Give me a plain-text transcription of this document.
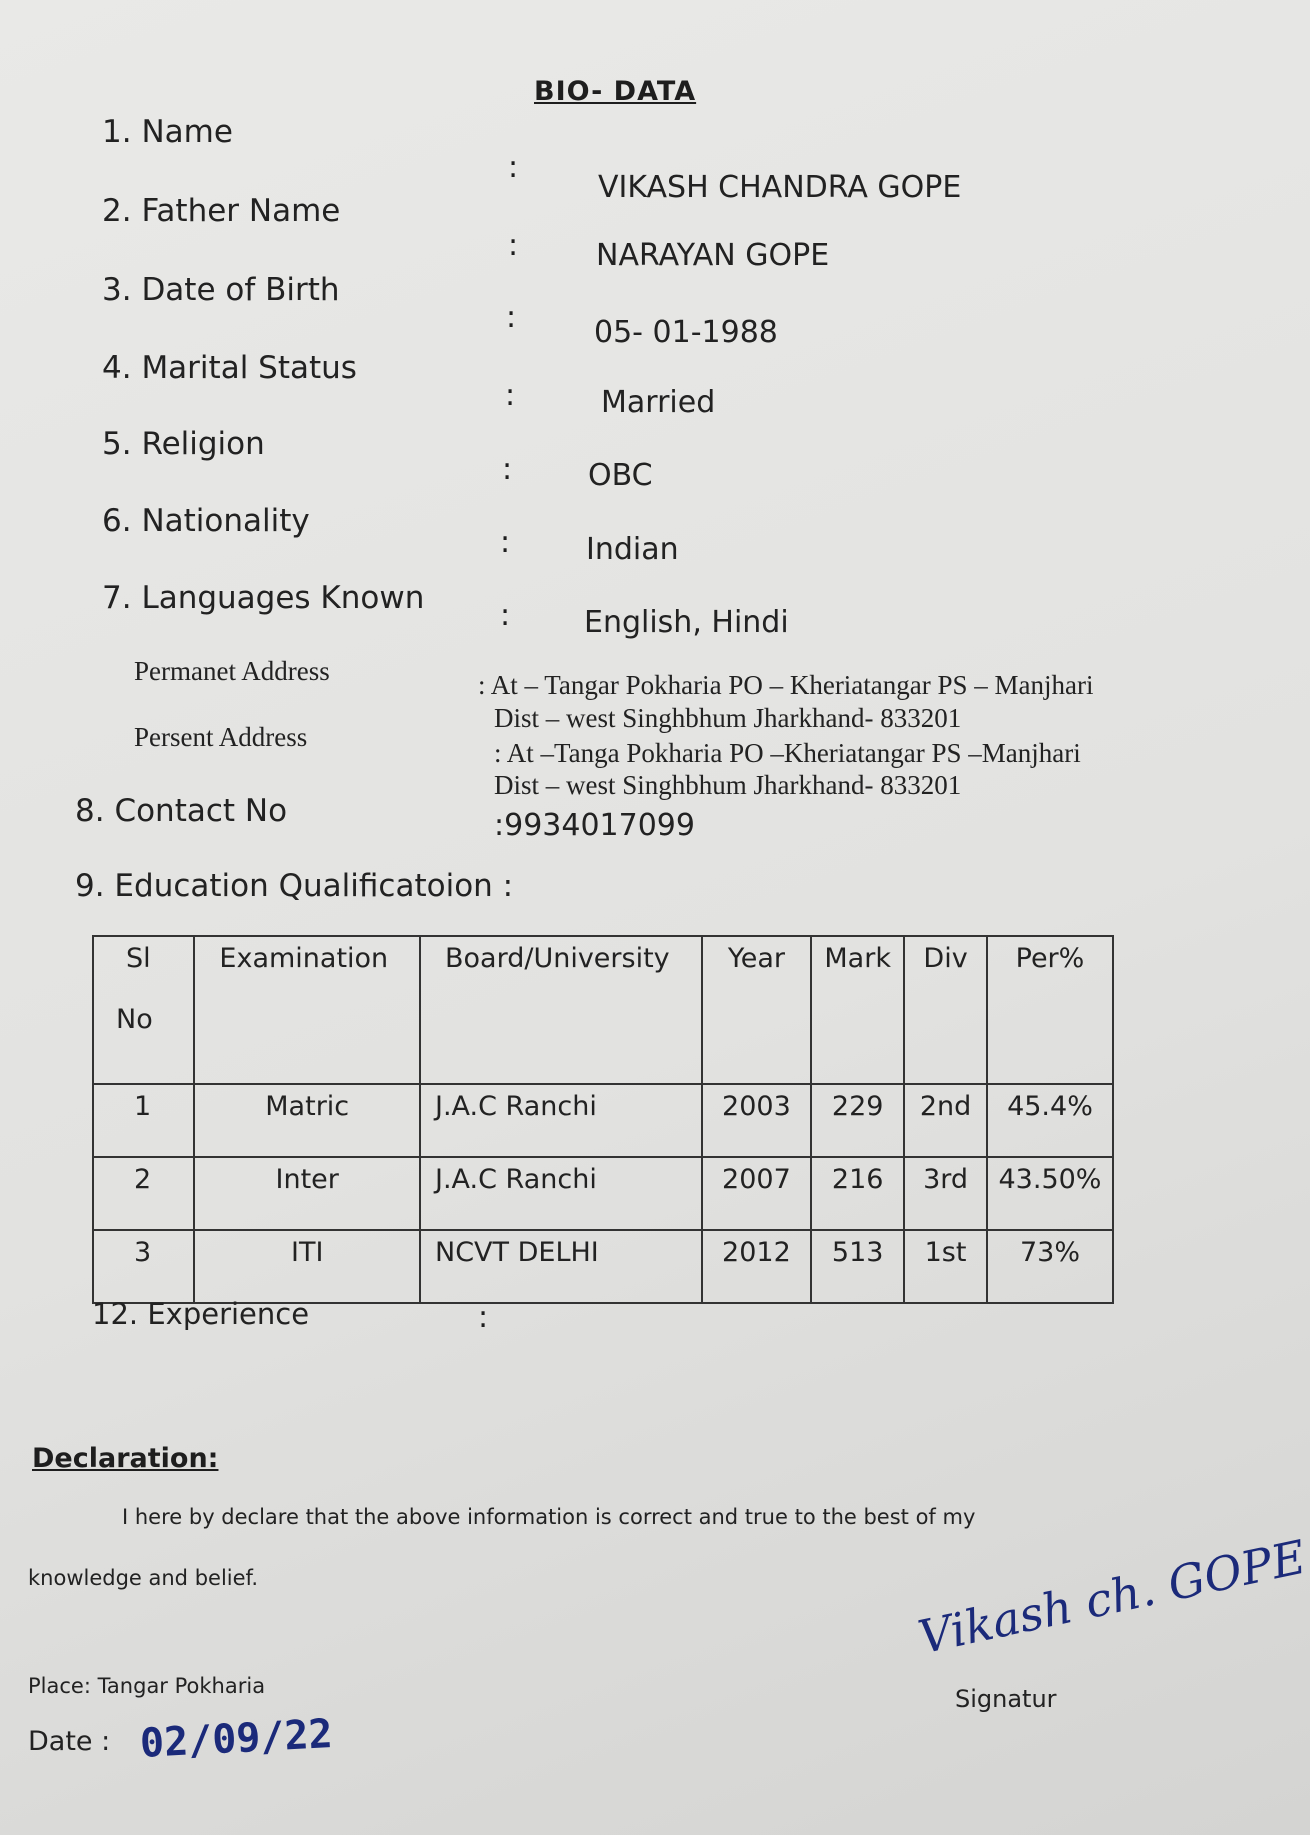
BIO- DATA
1. Name
:
VIKASH CHANDRA GOPE
2. Father Name
:	NARAYAN GOPE
3. Date of Birth
:	05- 01-1988
4. Marital Status
:	Married
5. Religion
:	OBC
6. Nationality
:	Indian
7. Languages Known	: English, Hindi
Permanet Address	: At – Tangar Pokharia PO – Kheriatangar PS – Manjhari
Dist – west Singhbhum Jharkhand- 833201
Persent Address
: At –Tanga Pokharia PO –Kheriatangar PS –Manjhari
Dist – west Singhbhum Jharkhand- 833201
8. Contact No	:9934017099
9. Education Qualificatoion :
Sl
No	Examination	Board/University	Year	Mark	Div	Per%
1	Matric	J.A.C Ranchi	2003	229	2nd	45.4%
2	Inter	J.A.C Ranchi	2007	216	3rd	43.50%
3	ITI	NCVT DELHI	2012	513	1st	73%
12. Experience	:
Declaration:
I here by declare that the above information is correct and true to the best of my
knowledge and belief.
Place: Tangar Pokharia
Date : 02/09/22
Signatur
Vikash ch. GOPE
